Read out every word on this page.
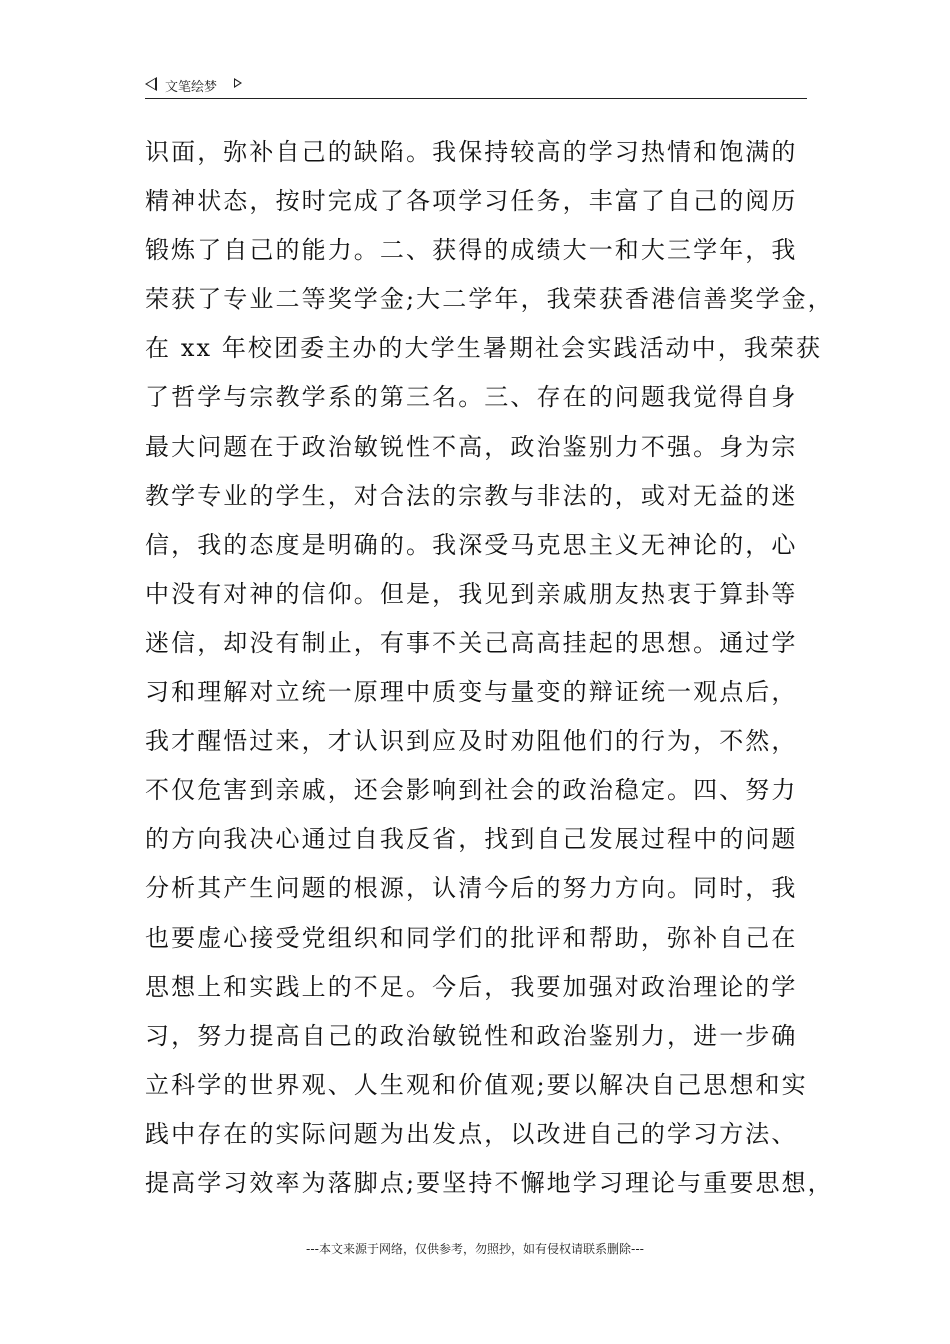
文笔绘梦
识面，弥补自己的缺陷。我保持较高的学习热情和饱满的
精神状态，按时完成了各项学习任务，丰富了自己的阅历
锻炼了自己的能力。二、获得的成绩大一和大三学年，我
荣获了专业二等奖学金;大二学年，我荣获香港信善奖学金，
在 xx 年校团委主办的大学生暑期社会实践活动中，我荣获
了哲学与宗教学系的第三名。三、存在的问题我觉得自身
最大问题在于政治敏锐性不高，政治鉴别力不强。身为宗
教学专业的学生，对合法的宗教与非法的，或对无益的迷
信，我的态度是明确的。我深受马克思主义无神论的，心
中没有对神的信仰。但是，我见到亲戚朋友热衷于算卦等
迷信，却没有制止，有事不关己高高挂起的思想。通过学
习和理解对立统一原理中质变与量变的辩证统一观点后，
我才醒悟过来，才认识到应及时劝阻他们的行为，不然，
不仅危害到亲戚，还会影响到社会的政治稳定。四、努力
的方向我决心通过自我反省，找到自己发展过程中的问题
分析其产生问题的根源，认清今后的努力方向。同时，我
也要虚心接受党组织和同学们的批评和帮助，弥补自己在
思想上和实践上的不足。今后，我要加强对政治理论的学
习，努力提高自己的政治敏锐性和政治鉴别力，进一步确
立科学的世界观、人生观和价值观;要以解决自己思想和实
践中存在的实际问题为出发点，以改进自己的学习方法、
提高学习效率为落脚点;要坚持不懈地学习理论与重要思想，
---本文来源于网络，仅供参考，勿照抄，如有侵权请联系删除---
